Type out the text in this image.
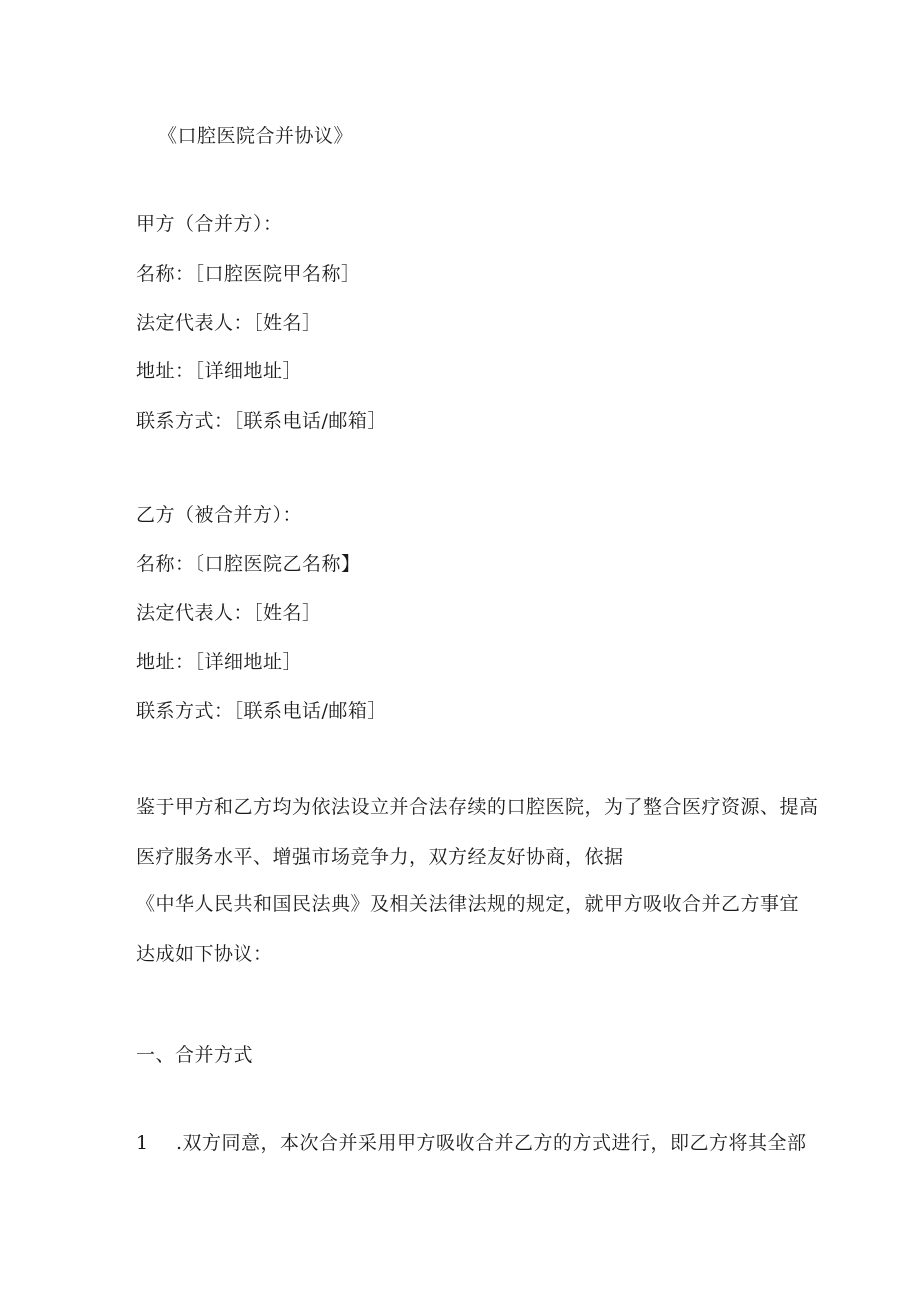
《口腔医院合并协议》
甲方（合并方）：
名称：［口腔医院甲名称］
法定代表人：［姓名］
地址：［详细地址］
联系方式：［联系电话/邮箱］
乙方（被合并方）：
名称：〔口腔医院乙名称】
法定代表人：［姓名］
地址：［详细地址］
联系方式：［联系电话/邮箱］
鉴于甲方和乙方均为依法设立并合法存续的口腔医院，为了整合医疗资源、提高
医疗服务水平、增强市场竞争力，双方经友好协商，依据
《中华人民共和国民法典》及相关法律法规的规定，就甲方吸收合并乙方事宜
达成如下协议：
一、合并方式
1 .双方同意，本次合并采用甲方吸收合并乙方的方式进行，即乙方将其全部
